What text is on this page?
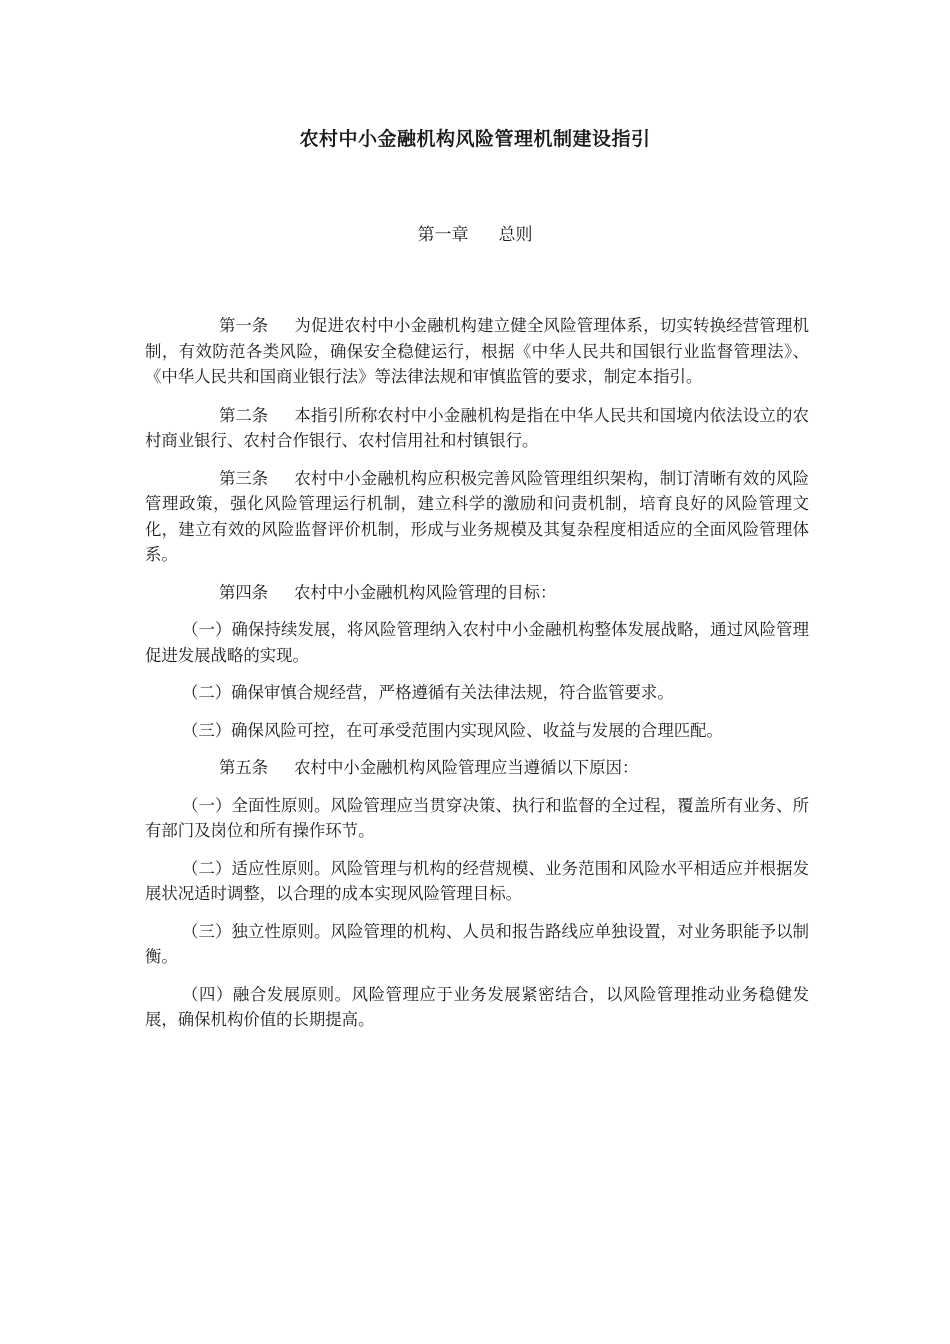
农村中小金融机构风险管理机制建设指引
第一章 总则

第一条 为促进农村中小金融机构建立健全风险管理体系，切实转换经营管理机制，有效防范各类风险，确保安全稳健运行，根据《中华人民共和国银行业监督管理法》、《中华人民共和国商业银行法》等法律法规和审慎监管的要求，制定本指引。

第二条 本指引所称农村中小金融机构是指在中华人民共和国境内依法设立的农村商业银行、农村合作银行、农村信用社和村镇银行。

第三条 农村中小金融机构应积极完善风险管理组织架构，制订清晰有效的风险管理政策，强化风险管理运行机制，建立科学的激励和问责机制，培育良好的风险管理文化，建立有效的风险监督评价机制，形成与业务规模及其复杂程度相适应的全面风险管理体系。

第四条 农村中小金融机构风险管理的目标：

（一）确保持续发展，将风险管理纳入农村中小金融机构整体发展战略，通过风险管理促进发展战略的实现。

（二）确保审慎合规经营，严格遵循有关法律法规，符合监管要求。

（三）确保风险可控，在可承受范围内实现风险、收益与发展的合理匹配。

第五条 农村中小金融机构风险管理应当遵循以下原因：

（一）全面性原则。风险管理应当贯穿决策、执行和监督的全过程，覆盖所有业务、所有部门及岗位和所有操作环节。

（二）适应性原则。风险管理与机构的经营规模、业务范围和风险水平相适应并根据发展状况适时调整，以合理的成本实现风险管理目标。

（三）独立性原则。风险管理的机构、人员和报告路线应单独设置，对业务职能予以制衡。

（四）融合发展原则。风险管理应于业务发展紧密结合，以风险管理推动业务稳健发展，确保机构价值的长期提高。
